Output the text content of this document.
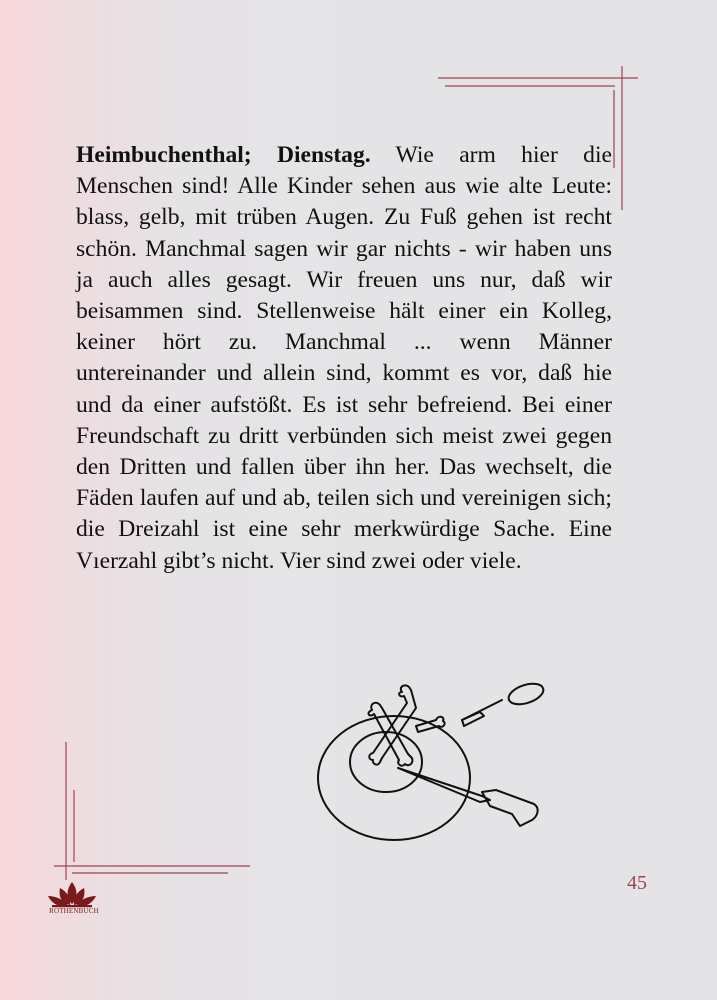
Heimbuchenthal; Dienstag. Wie arm hier die Menschen sind! Alle Kinder sehen aus wie alte Leute: blass, gelb, mit trüben Augen. Zu Fuß gehen ist recht schön. Manchmal sagen wir gar nichts - wir haben uns ja auch alles gesagt. Wir freuen uns nur, daß wir beisammen sind. Stellenweise hält einer ein Kolleg, keiner hört zu. Manchmal ... wenn Männer untereinander und allein sind, kommt es vor, daß hie und da einer aufstößt. Es ist sehr befreiend. Bei einer Freundschaft zu dritt verbünden sich meist zwei gegen den Dritten und fallen über ihn her. Das wechselt, die Fäden laufen auf und ab, teilen sich und vereinigen sich; die Dreizahl ist eine sehr merkwürdige Sache. Eine Vıerzahl gibt’s nicht. Vier sind zwei oder viele.
45
ROTHENBUCH
